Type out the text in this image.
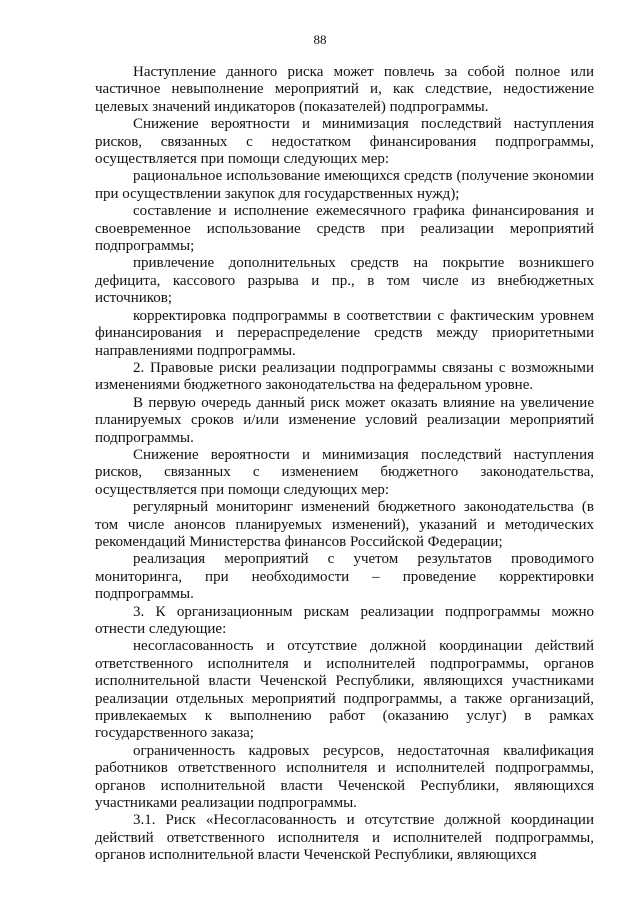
88

Наступление данного риска может повлечь за собой полное или частичное невыполнение мероприятий и, как следствие, недостижение целевых значений индикаторов (показателей) подпрограммы.

Снижение вероятности и минимизация последствий наступления рисков, связанных с недостатком финансирования подпрограммы, осуществляется при помощи следующих мер:

рациональное использование имеющихся средств (получение экономии при осуществлении закупок для государственных нужд);

составление и исполнение ежемесячного графика финансирования и своевременное использование средств при реализации мероприятий подпрограммы;

привлечение дополнительных средств на покрытие возникшего дефицита, кассового разрыва и пр., в том числе из внебюджетных источников;

корректировка подпрограммы в соответствии с фактическим уровнем финансирования и перераспределение средств между приоритетными направлениями подпрограммы.

2. Правовые риски реализации подпрограммы связаны с возможными изменениями бюджетного законодательства на федеральном уровне.

В первую очередь данный риск может оказать влияние на увеличение планируемых сроков и/или изменение условий реализации мероприятий подпрограммы.

Снижение вероятности и минимизация последствий наступления рисков, связанных с изменением бюджетного законодательства, осуществляется при помощи следующих мер:

регулярный мониторинг изменений бюджетного законодательства (в том числе анонсов планируемых изменений), указаний и методических рекомендаций Министерства финансов Российской Федерации;

реализация мероприятий с учетом результатов проводимого мониторинга, при необходимости – проведение корректировки подпрограммы.

3. К организационным рискам реализации подпрограммы можно отнести следующие:

несогласованность и отсутствие должной координации действий ответственного исполнителя и исполнителей подпрограммы, органов исполнительной власти Чеченской Республики, являющихся участниками реализации отдельных мероприятий подпрограммы, а также организаций, привлекаемых к выполнению работ (оказанию услуг) в рамках государственного заказа;

ограниченность кадровых ресурсов, недостаточная квалификация работников ответственного исполнителя и исполнителей подпрограммы, органов исполнительной власти Чеченской Республики, являющихся участниками реализации подпрограммы.

3.1. Риск «Несогласованность и отсутствие должной координации действий ответственного исполнителя и исполнителей подпрограммы, органов исполнительной власти Чеченской Республики, являющихся
